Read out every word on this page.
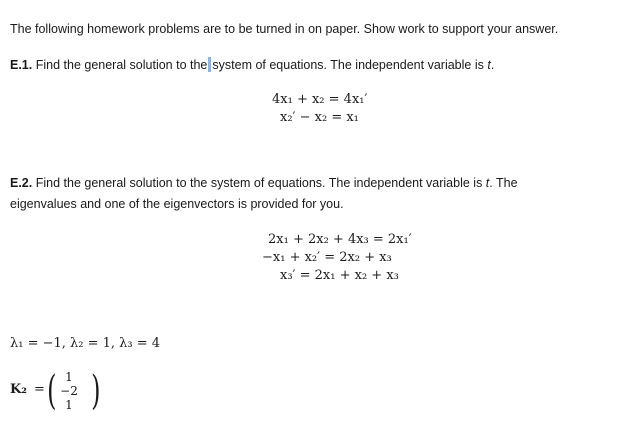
The following homework problems are to be turned in on paper. Show work to support your answer.
E.1. Find the general solution to the system of equations. The independent variable is t.
4x₁ + x₂ = 4x₁′
x₂′ − x₂ = x₁
E.2. Find the general solution to the system of equations. The independent variable is t. The
eigenvalues and one of the eigenvectors is provided for you.
2x₁ + 2x₂ + 4x₃ = 2x₁′
−x₁ + x₂′ = 2x₂ + x₃
x₃′ = 2x₁ + x₂ + x₃
λ₁ = −1, λ₂ = 1, λ₃ = 4
K₂ = ( 1
−2
1 )
